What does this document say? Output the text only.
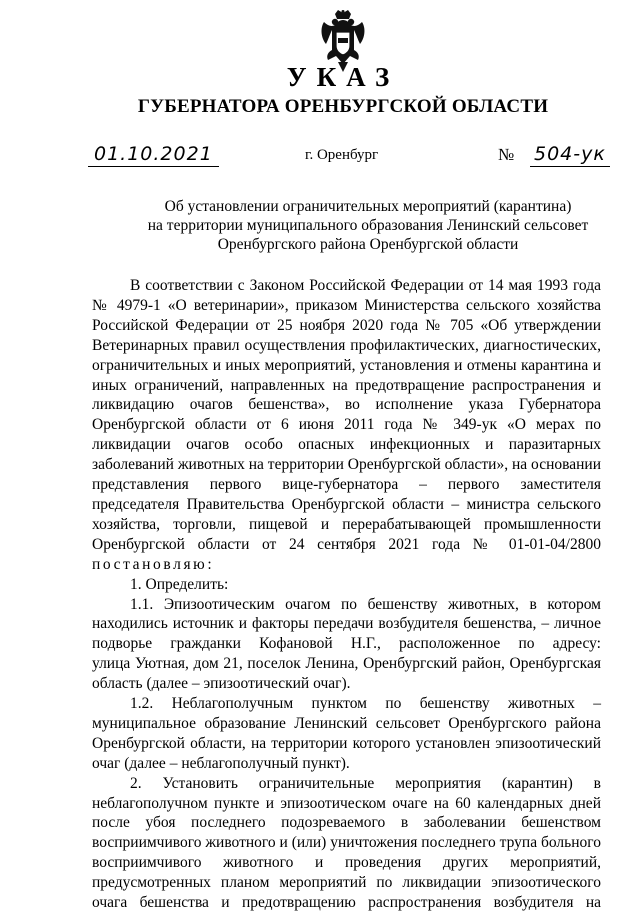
УКАЗ
ГУБЕРНАТОРА ОРЕНБУРГСКОЙ ОБЛАСТИ
01.10.2021	г. Оренбург	№ 504-ук
Об установлении ограничительных мероприятий (карантина)
на территории муниципального образования Ленинский сельсовет
Оренбургского района Оренбургской области
В соответствии с Законом Российской Федерации от 14 мая 1993 года
№ 4979-1 «О ветеринарии», приказом Министерства сельского хозяйства
Российской Федерации от 25 ноября 2020 года № 705 «Об утверждении
Ветеринарных правил осуществления профилактических, диагностических,
ограничительных и иных мероприятий, установления и отмены карантина и
иных ограничений, направленных на предотвращение распространения и
ликвидацию очагов бешенства», во исполнение указа Губернатора
Оренбургской области от 6 июня 2011 года № 349-ук «О мерах по
ликвидации очагов особо опасных инфекционных и паразитарных
заболеваний животных на территории Оренбургской области», на основании
представления первого вице-губернатора – первого заместителя
председателя Правительства Оренбургской области – министра сельского
хозяйства, торговли, пищевой и перерабатывающей промышленности
Оренбургской области от 24 сентября 2021 года № 01-01-04/2800
постановляю:
1. Определить:
1.1. Эпизоотическим очагом по бешенству животных, в котором
находились источник и факторы передачи возбудителя бешенства, – личное
подворье гражданки Кофановой Н.Г., расположенное по адресу:
улица Уютная, дом 21, поселок Ленина, Оренбургский район, Оренбургская
область (далее – эпизоотический очаг).
1.2. Неблагополучным пунктом по бешенству животных –
муниципальное образование Ленинский сельсовет Оренбургского района
Оренбургской области, на территории которого установлен эпизоотический
очаг (далее – неблагополучный пункт).
2. Установить ограничительные мероприятия (карантин) в
неблагополучном пункте и эпизоотическом очаге на 60 календарных дней
после убоя последнего подозреваемого в заболевании бешенством
восприимчивого животного и (или) уничтожения последнего трупа больного
восприимчивого животного и проведения других мероприятий,
предусмотренных планом мероприятий по ликвидации эпизоотического
очага бешенства и предотвращению распространения возбудителя на
